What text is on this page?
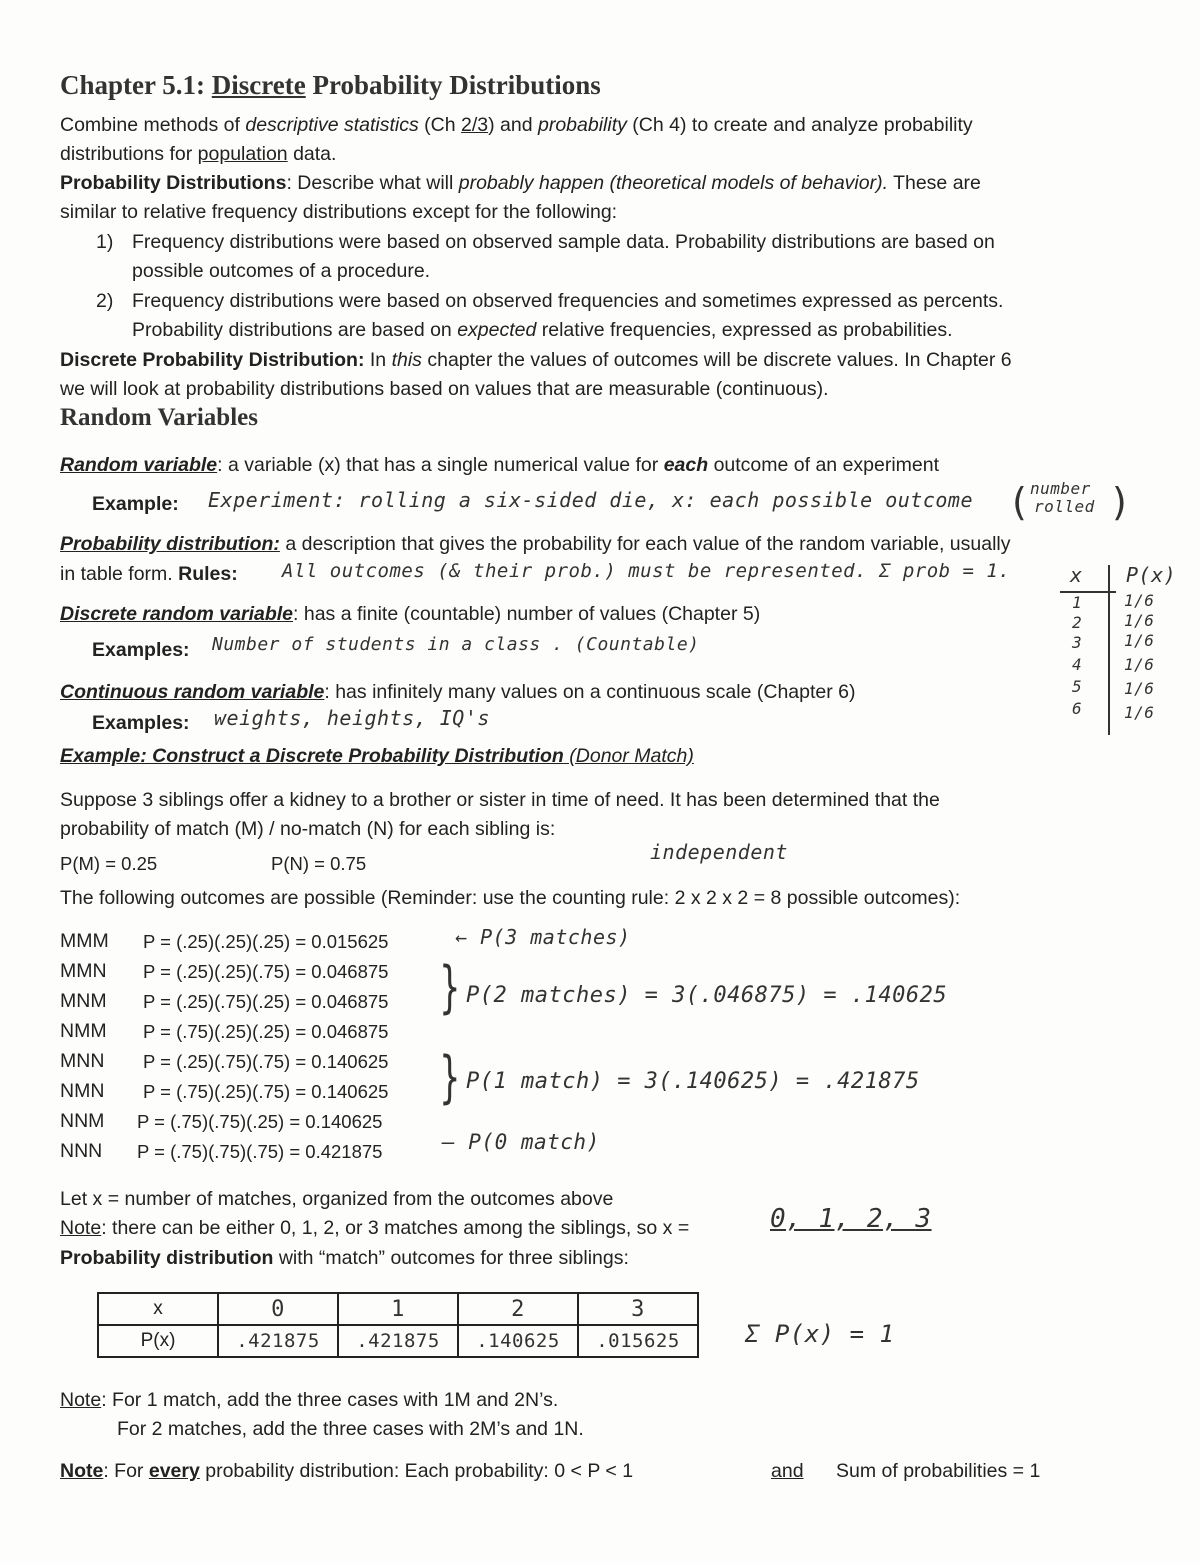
Chapter 5.1: Discrete Probability Distributions
Combine methods of descriptive statistics (Ch 2/3) and probability (Ch 4) to create and analyze probability
distributions for population data.
Probability Distributions: Describe what will probably happen (theoretical models of behavior). These are
similar to relative frequency distributions except for the following:
1) Frequency distributions were based on observed sample data. Probability distributions are based on
possible outcomes of a procedure.
2) Frequency distributions were based on observed frequencies and sometimes expressed as percents.
Probability distributions are based on expected relative frequencies, expressed as probabilities.
Discrete Probability Distribution: In this chapter the values of outcomes will be discrete values. In Chapter 6
we will look at probability distributions based on values that are measurable (continuous).
Random Variables
Random variable: a variable (x) that has a single numerical value for each outcome of an experiment
Example: Experiment: rolling a six-sided die, x: each possible outcome ( number
rolled )
Probability distribution: a description that gives the probability for each value of the random variable, usually
in table form. Rules: All outcomes (& their prob.) must be represented. Σ prob = 1.	x P(x)
1	1/6
2	1/6
3	1/6
4	1/6
5	1/6
6	1/6
Discrete random variable: has a finite (countable) number of values (Chapter 5)
Examples: Number of students in a class . (Countable)
Continuous random variable: has infinitely many values on a continuous scale (Chapter 6)
Examples: weights, heights, IQ's
Example: Construct a Discrete Probability Distribution (Donor Match)
Suppose 3 siblings offer a kidney to a brother or sister in time of need. It has been determined that the
probability of match (M) / no-match (N) for each sibling is:
P(M) = 0.25	P(N) = 0.75	independent
The following outcomes are possible (Reminder: use the counting rule: 2 x 2 x 2 = 8 possible outcomes):
MMM P = (.25)(.25)(.25) = 0.015625
MMN P = (.25)(.25)(.75) = 0.046875
MNM P = (.25)(.75)(.25) = 0.046875
NMM P = (.75)(.25)(.25) = 0.046875
MNN P = (.25)(.75)(.75) = 0.140625
NMN P = (.75)(.25)(.75) = 0.140625
NNM P = (.75)(.75)(.25) = 0.140625
NNN P = (.75)(.75)(.75) = 0.421875
← P(3 matches)
} P(2 matches) = 3(.046875) = .140625
} P(1 match) = 3(.140625) = .421875
– P(0 match)
Let x = number of matches, organized from the outcomes above
Note: there can be either 0, 1, 2, or 3 matches among the siblings, so x =	0, 1, 2, 3
Probability distribution with “match” outcomes for three siblings:
x	0	1	2	3
P(x)	.421875	.421875	.140625	.015625	Σ P(x) = 1
Note: For 1 match, add the three cases with 1M and 2N’s.
For 2 matches, add the three cases with 2M’s and 1N.
Note: For every probability distribution: Each probability: 0 < P < 1	and Sum of probabilities = 1
